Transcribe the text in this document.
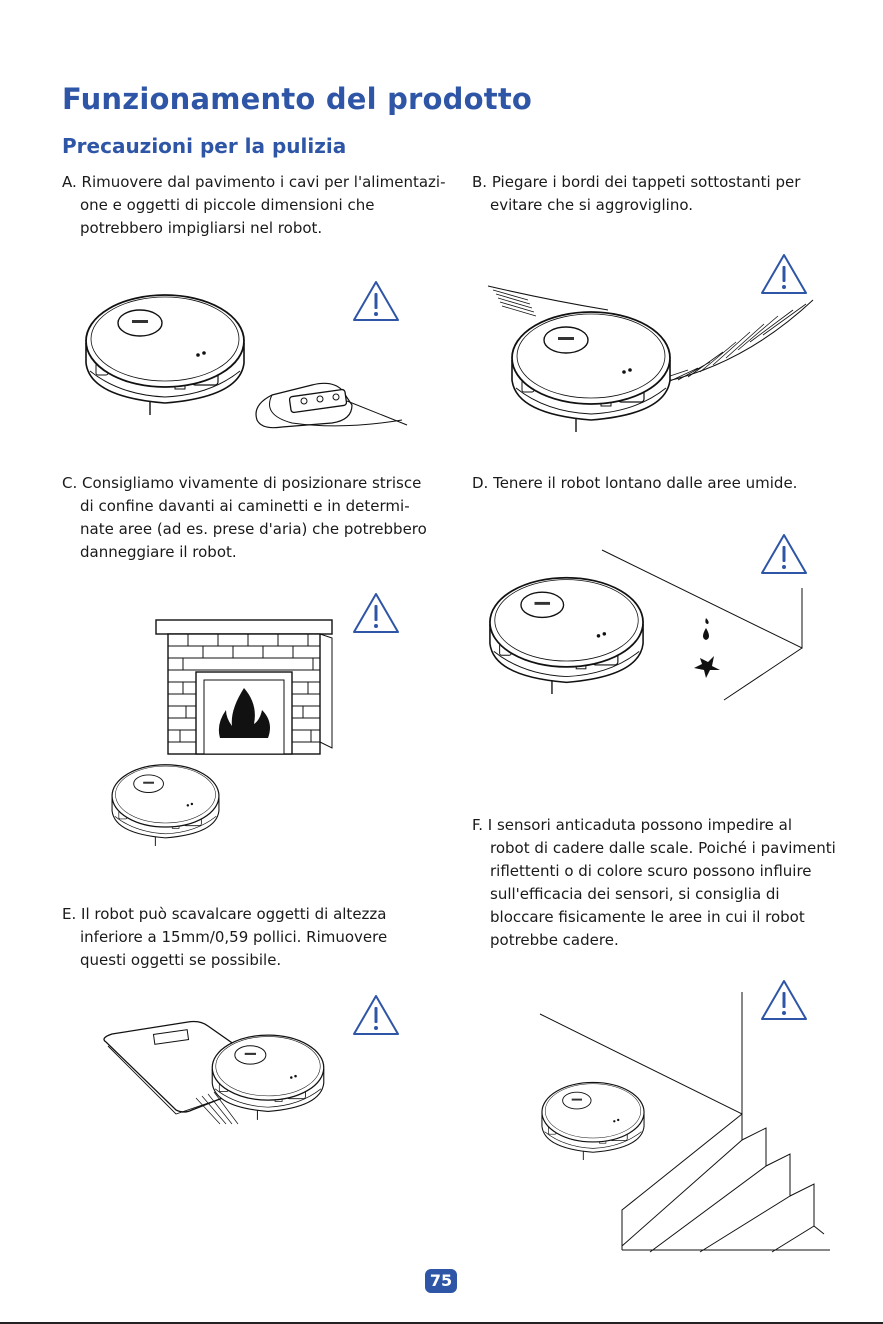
Funzionamento del prodotto
Precauzioni per la pulizia
A. Rimuovere dal pavimento i cavi per l'alimentazi-
one e oggetti di piccole dimensioni che
potrebbero impigliarsi nel robot.
B. Piegare i bordi dei tappeti sottostanti per
evitare che si aggroviglino.
C. Consigliamo vivamente di posizionare strisce
di confine davanti ai caminetti e in determi-
nate aree (ad es. prese d'aria) che potrebbero
danneggiare il robot.
D. Tenere il robot lontano dalle aree umide.
E. Il robot può scavalcare oggetti di altezza
inferiore a 15mm/0,59 pollici. Rimuovere
questi oggetti se possibile.
F. I sensori anticaduta possono impedire al
robot di cadere dalle scale. Poiché i pavimenti
riflettenti o di colore scuro possono influire
sull'efficacia dei sensori, si consiglia di
bloccare fisicamente le aree in cui il robot
potrebbe cadere.
75
